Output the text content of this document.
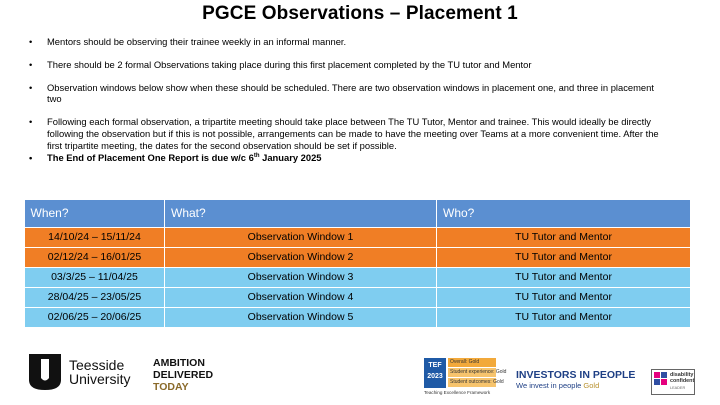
PGCE Observations – Placement 1
• Mentors should be observing their trainee weekly in an informal manner.
• There should be 2 formal Observations taking place during this first placement completed by the TU tutor and Mentor
• Observation windows below show when these should be scheduled. There are two observation windows in placement one, and three in placement two
• Following each formal observation, a tripartite meeting should take place between The TU Tutor, Mentor and trainee. This would ideally be directly following the observation but if this is not possible, arrangements can be made to have the meeting over Teams at a more convenient time. After the first tripartite meeting, the dates for the second observation should be set if possible.
• The End of Placement One Report is due w/c 6th January 2025
When?	What?	Who?
14/10/24 – 15/11/24	Observation Window 1	TU Tutor and Mentor
02/12/24 – 16/01/25	Observation Window 2	TU Tutor and Mentor
03/3/25 – 11/04/25	Observation Window 3	TU Tutor and Mentor
28/04/25 – 23/05/25	Observation Window 4	TU Tutor and Mentor
02/06/25 – 20/06/25	Observation Window 5	TU Tutor and Mentor
Teesside
University
AMBITION
DELIVERED
TODAY
TEF
2023
Overall: Gold
Student experience: Gold
Student outcomes: Gold
Teaching Excellence Framework
INVESTORS IN PEOPLE
We invest in people Gold
disability
confident
LEADER
